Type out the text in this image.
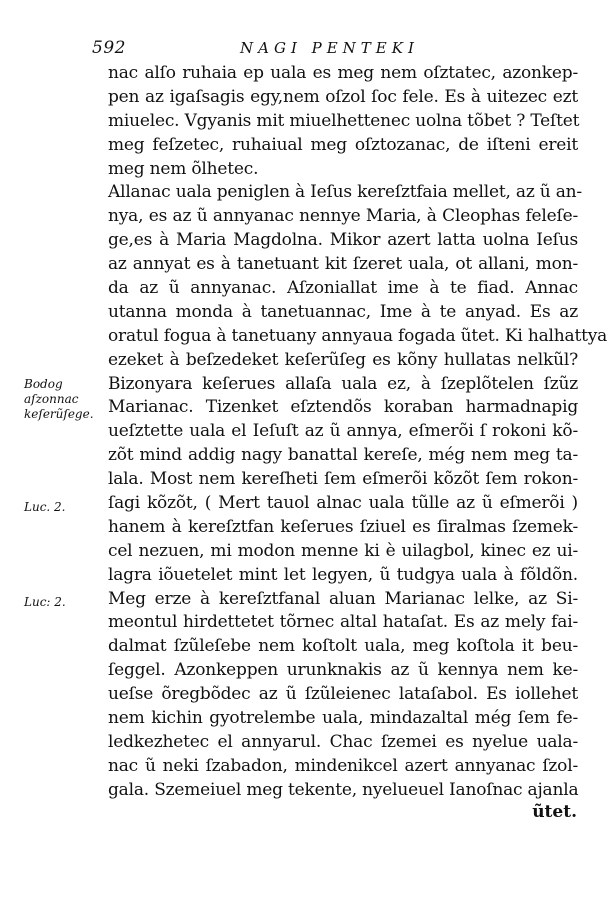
592	NAGI PENTEKI
Bodog
aſzonnac
keſerũſege.
Luc. 2.
Luc: 2.
nac alſo ruhaia ep uala es meg nem oſztatec, azonkep-
pen az igaſsagis egy,nem oſzol ſoc fele. Es à uitezec ezt
miuelec. Vgyanis mit miuelhettenec uolna tõbet ? Teſtet
meg feſzetec, ruhaiual meg oſztozanac, de iſteni ereit
meg nem õlhetec.
Allanac uala peniglen à Ieſus kereſztfaia mellet, az ũ an-
nya, es az ũ annyanac nennye Maria, à Cleophas feleſe-
ge,es à Maria Magdolna. Mikor azert latta uolna Ieſus
az annyat es à tanetuant kit ſzeret uala, ot allani, mon-
da az ũ annyanac. Aſzoniallat ime à te fiad. Annac
utanna monda à tanetuannac, Ime à te anyad. Es az
oratul fogua à tanetuany annyaua fogada ũtet. Ki halhattya
ezeket à beſzedeket keſerũſeg es kõny hullatas nelkũl?
Bizonyara keſerues allaſa uala ez, à ſzeplõtelen ſzũz
Marianac. Tizenket eſztendõs koraban harmadnapig
ueſztette uala el Ieſuſt az ũ annya, eſmerõi ſ rokoni kõ-
zõt mind addig nagy banattal kereſe, még nem meg ta-
lala. Most nem kereſheti ſem eſmerõi kõzõt ſem rokon-
ſagi kõzõt, ( Mert tauol alnac uala tũlle az ũ eſmerõi )
hanem à kereſztfan keſerues ſziuel es ſiralmas ſzemek-
cel nezuen, mi modon menne ki è uilagbol, kinec ez ui-
lagra iõuetelet mint let legyen, ũ tudgya uala à fõldõn.
Meg erze à kereſztfanal aluan Marianac lelke, az Si-
meontul hirdettetet tõrnec altal hataſat. Es az mely fai-
dalmat ſzũleſebe nem koſtolt uala, meg koſtola it beu-
ſeggel. Azonkeppen urunknakis az ũ kennya nem ke-
ueſse õregbõdec az ũ ſzũleienec lataſabol. Es iollehet
nem kichin gyotrelembe uala, mindazaltal még ſem fe-
ledkezhetec el annyarul. Chac ſzemei es nyelue uala-
nac ũ neki ſzabadon, mindenikcel azert annyanac ſzol-
gala. Szemeiuel meg tekente, nyelueuel Ianoſnac ajanla
ũtet.
